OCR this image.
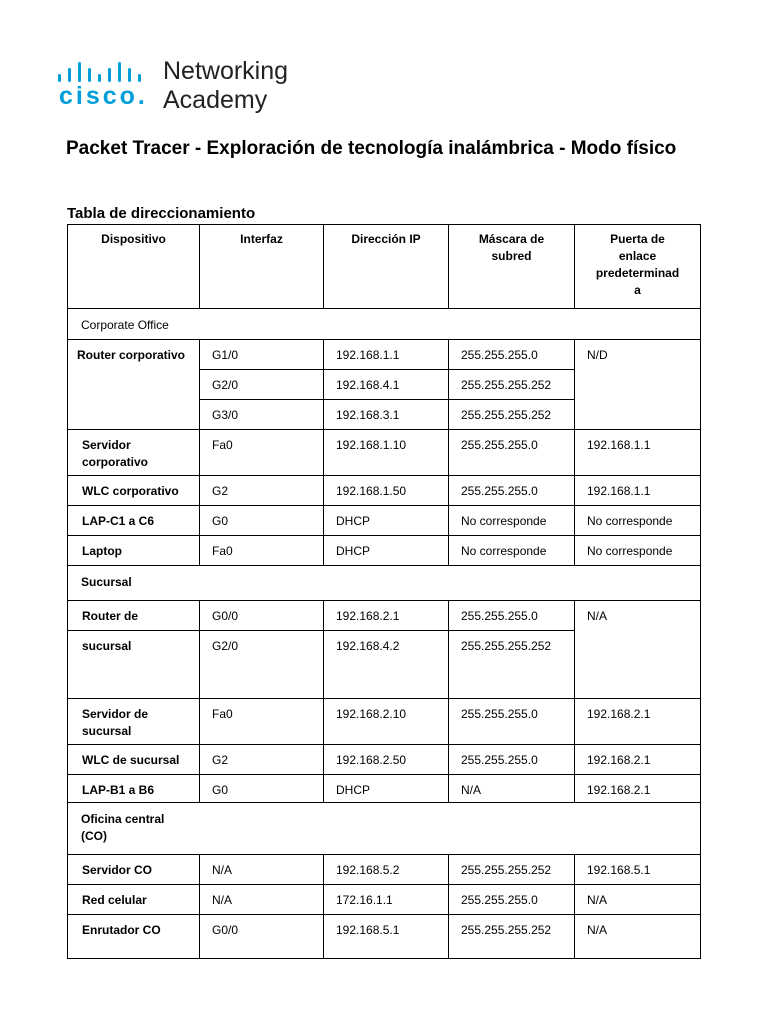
cisco.
Networking
Academy
Packet Tracer - Exploración de tecnología inalámbrica - Modo físico

Tabla de direccionamiento

Dispositivo	Interfaz	Dirección IP	Máscara de subred	Puerta de enlace predeterminad a
Corporate Office				
Router corporativo	G1/0	192.168.1.1	255.255.255.0	N/D
	G2/0	192.168.4.1	255.255.255.252	
	G3/0	192.168.3.1	255.255.255.252	
Servidor corporativo	Fa0	192.168.1.10	255.255.255.0	192.168.1.1
WLC corporativo	G2	192.168.1.50	255.255.255.0	192.168.1.1
LAP-C1 a C6	G0	DHCP	No corresponde	No corresponde
Laptop	Fa0	DHCP	No corresponde	No corresponde
Sucursal				
Router de	G0/0	192.168.2.1	255.255.255.0	N/A
sucursal	G2/0	192.168.4.2	255.255.255.252	
Servidor de sucursal	Fa0	192.168.2.10	255.255.255.0	192.168.2.1
WLC de sucursal	G2	192.168.2.50	255.255.255.0	192.168.2.1
LAP-B1 a B6	G0	DHCP	N/A	192.168.2.1

Oficina central (CO)				

Servidor CO	N/A	192.168.5.2	255.255.255.252	192.168.5.1
Red celular	N/A	172.16.1.1	255.255.255.0	N/A
Enrutador CO	G0/0	192.168.5.1	255.255.255.252	N/A
